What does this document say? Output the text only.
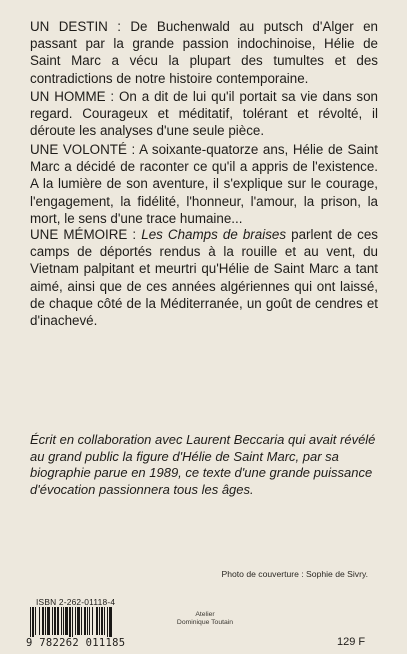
UN DESTIN : De Buchenwald au putsch d'Alger en passant par la grande passion indochinoise, Hélie de Saint Marc a vécu la plupart des tumultes et des contradictions de notre histoire contemporaine.

UN HOMME : On a dit de lui qu'il portait sa vie dans son regard. Courageux et méditatif, tolérant et révolté, il déroute les analyses d'une seule pièce.

UNE VOLONTÉ : A soixante-quatorze ans, Hélie de Saint Marc a décidé de raconter ce qu'il a appris de l'existence. A la lumière de son aventure, il s'explique sur le courage, l'engagement, la fidélité, l'honneur, l'amour, la prison, la mort, le sens d'une trace humaine...

UNE MÉMOIRE : Les Champs de braises parlent de ces camps de déportés rendus à la rouille et au vent, du Vietnam palpitant et meurtri qu'Hélie de Saint Marc a tant aimé, ainsi que de ces années algériennes qui ont laissé, de chaque côté de la Méditerranée, un goût de cendres et d'inachevé.

Écrit en collaboration avec Laurent Beccaria qui avait révélé au grand public la figure d'Hélie de Saint Marc, par sa biographie parue en 1989, ce texte d'une grande puissance d'évocation passionnera tous les âges.

Photo de couverture : Sophie de Sivry.
ISBN 2-262-01118-4
9 782262 011185
Atelier
Dominique Toutain
129 F
